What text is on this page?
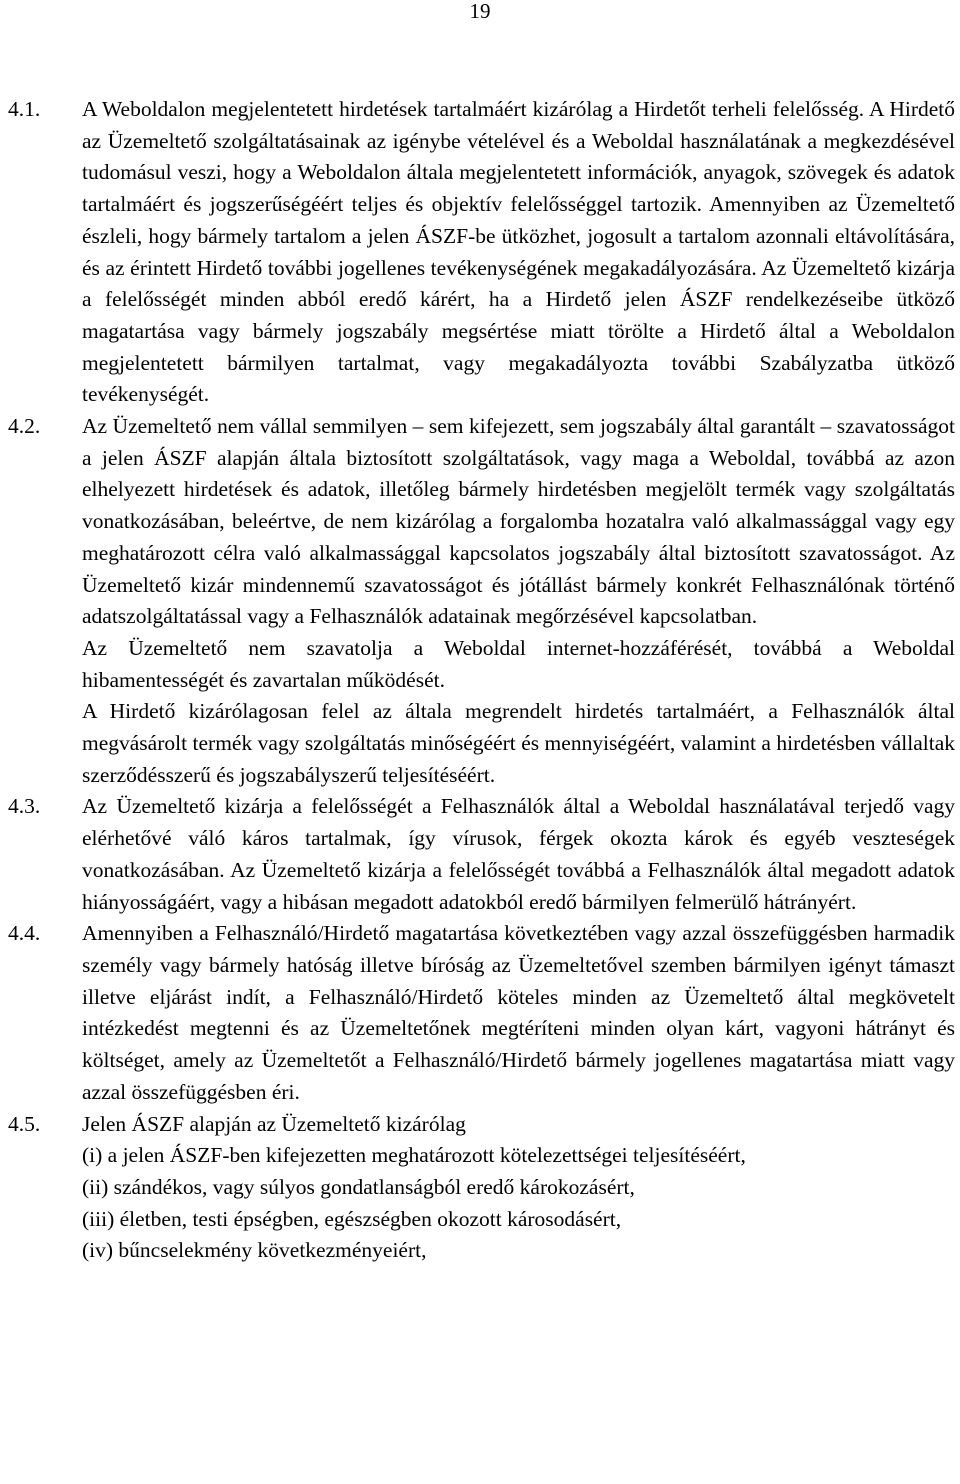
19
4.1. A Weboldalon megjelentetett hirdetések tartalmáért kizárólag a Hirdetőt terheli felelősség. A Hirdető az Üzemeltető szolgáltatásainak az igénybe vételével és a Weboldal használatának a megkezdésével tudomásul veszi, hogy a Weboldalon általa megjelentetett információk, anyagok, szövegek és adatok tartalmáért és jogszerűségéért teljes és objektív felelősséggel tartozik. Amennyiben az Üzemeltető észleli, hogy bármely tartalom a jelen ÁSZF-be ütközhet, jogosult a tartalom azonnali eltávolítására, és az érintett Hirdető további jogellenes tevékenységének megakadályozására. Az Üzemeltető kizárja a felelősségét minden abból eredő kárért, ha a Hirdető jelen ÁSZF rendelkezéseibe ütköző magatartása vagy bármely jogszabály megsértése miatt törölte a Hirdető által a Weboldalon megjelentetett bármilyen tartalmat, vagy megakadályozta további Szabályzatba ütköző tevékenységét.

4.2. Az Üzemeltető nem vállal semmilyen – sem kifejezett, sem jogszabály által garantált – szavatosságot a jelen ÁSZF alapján általa biztosított szolgáltatások, vagy maga a Weboldal, továbbá az azon elhelyezett hirdetések és adatok, illetőleg bármely hirdetésben megjelölt termék vagy szolgáltatás vonatkozásában, beleértve, de nem kizárólag a forgalomba hozatalra való alkalmassággal vagy egy meghatározott célra való alkalmassággal kapcsolatos jogszabály által biztosított szavatosságot. Az Üzemeltető kizár mindennemű szavatosságot és jótállást bármely konkrét Felhasználónak történő adatszolgáltatással vagy a Felhasználók adatainak megőrzésével kapcsolatban.

Az Üzemeltető nem szavatolja a Weboldal internet-hozzáférését, továbbá a Weboldal hibamentességét és zavartalan működését.

A Hirdető kizárólagosan felel az általa megrendelt hirdetés tartalmáért, a Felhasználók által megvásárolt termék vagy szolgáltatás minőségéért és mennyiségéért, valamint a hirdetésben vállaltak szerződésszerű és jogszabályszerű teljesítéséért.

4.3. Az Üzemeltető kizárja a felelősségét a Felhasználók által a Weboldal használatával terjedő vagy elérhetővé váló káros tartalmak, így vírusok, férgek okozta károk és egyéb veszteségek vonatkozásában. Az Üzemeltető kizárja a felelősségét továbbá a Felhasználók által megadott adatok hiányosságáért, vagy a hibásan megadott adatokból eredő bármilyen felmerülő hátrányért.

4.4. Amennyiben a Felhasználó/Hirdető magatartása következtében vagy azzal összefüggésben harmadik személy vagy bármely hatóság illetve bíróság az Üzemeltetővel szemben bármilyen igényt támaszt illetve eljárást indít, a Felhasználó/Hirdető köteles minden az Üzemeltető által megkövetelt intézkedést megtenni és az Üzemeltetőnek megtéríteni minden olyan kárt, vagyoni hátrányt és költséget, amely az Üzemeltetőt a Felhasználó/Hirdető bármely jogellenes magatartása miatt vagy azzal összefüggésben éri.

4.5. Jelen ÁSZF alapján az Üzemeltető kizárólag

(i) a jelen ÁSZF-ben kifejezetten meghatározott kötelezettségei teljesítéséért,

(ii) szándékos, vagy súlyos gondatlanságból eredő károkozásért,

(iii) életben, testi épségben, egészségben okozott károsodásért,

(iv) bűncselekmény következményeiért,
